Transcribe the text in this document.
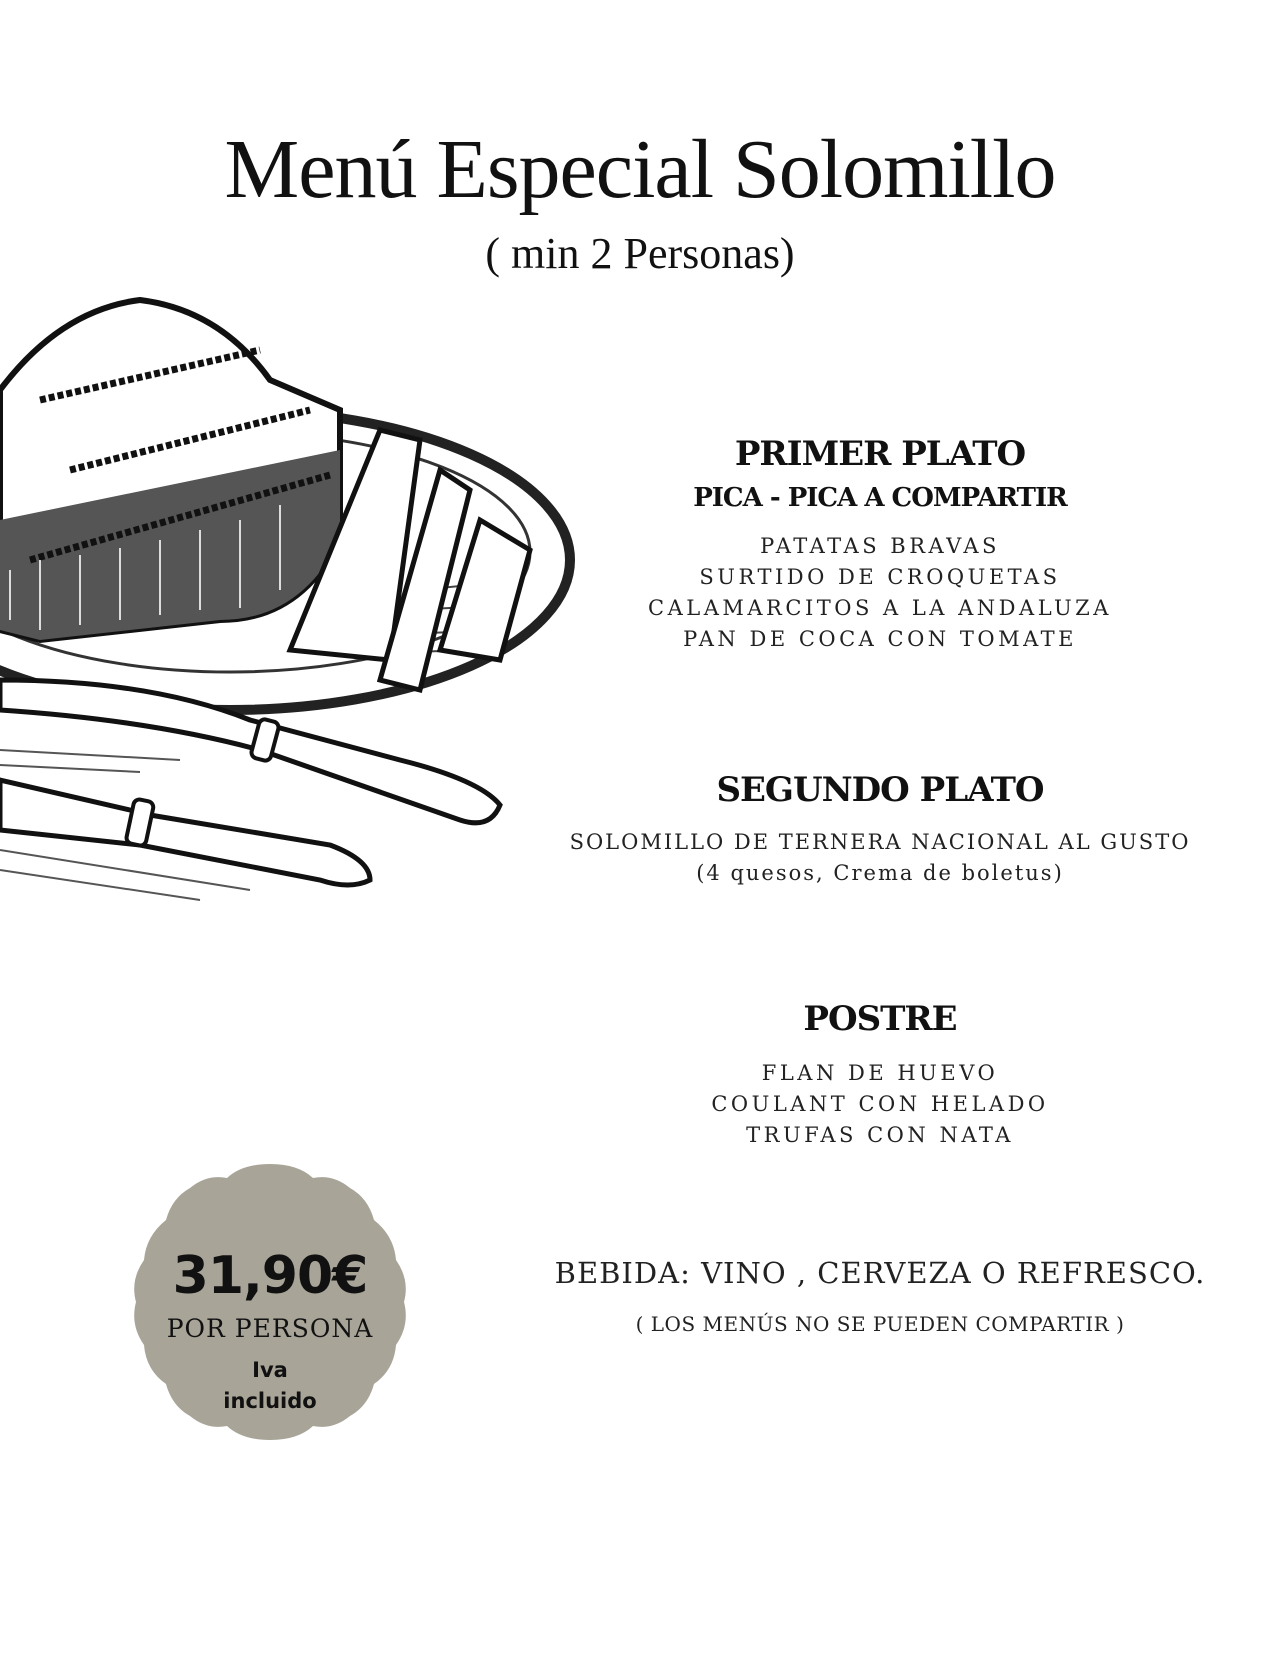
Menú Especial Solomillo
( min 2 Personas)
PRIMER PLATO
PICA - PICA A COMPARTIR
PATATAS BRAVAS
SURTIDO DE CROQUETAS
CALAMARCITOS A LA ANDALUZA
PAN DE COCA CON TOMATE
SEGUNDO PLATO
SOLOMILLO DE TERNERA NACIONAL AL GUSTO
(4 quesos, Crema de boletus)
POSTRE
FLAN DE HUEVO
COULANT CON HELADO
TRUFAS CON NATA
BEBIDA: VINO , CERVEZA O REFRESCO.
( LOS MENÚS NO SE PUEDEN COMPARTIR )
31,90€
POR PERSONA
Iva
incluido
